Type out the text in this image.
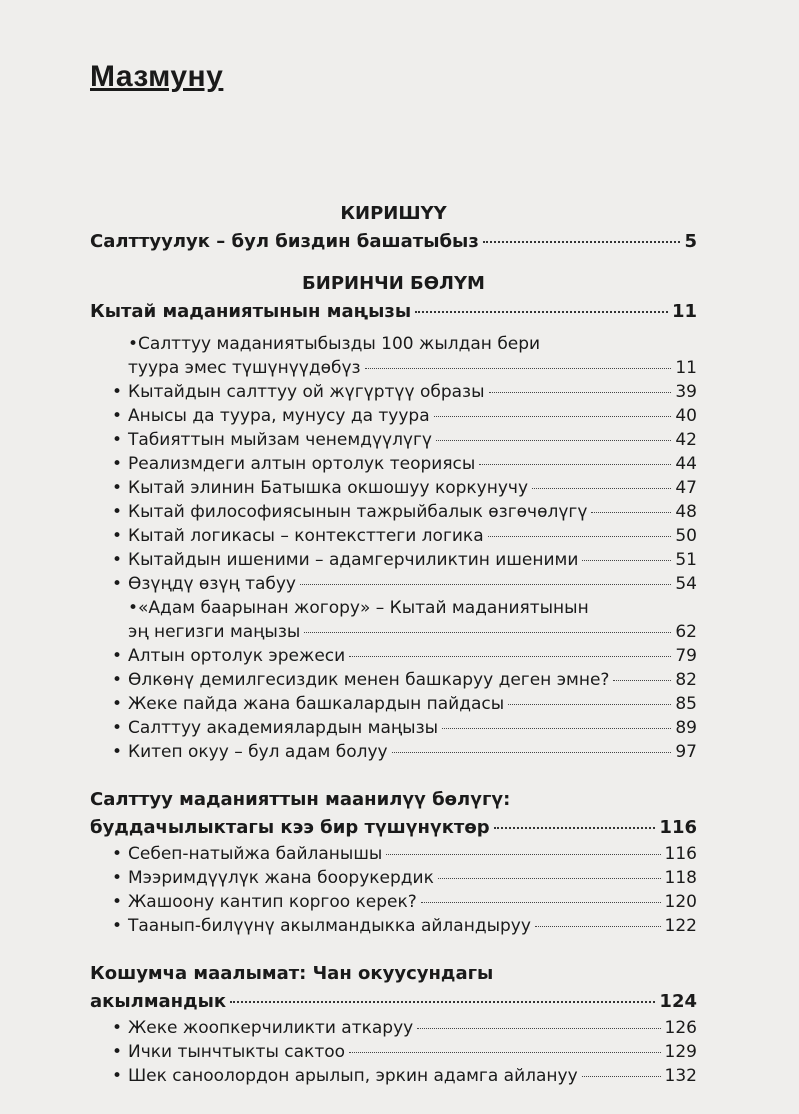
Мазмуну
КИРИШҮҮ
Салттуулук – бул биздин башатыбыз	5
БИРИНЧИ БӨЛҮМ
Кытай маданиятынын маңызы	11
•Салттуу маданиятыбызды 100 жылдан бери
туура эмес түшүнүүдөбүз	11
• Кытайдын салттуу ой жүгүртүү образы	39
• Анысы да туура, мунусу да туура	40
• Табияттын мыйзам ченемдүүлүгү	42
• Реализмдеги алтын ортолук теориясы	44
• Кытай элинин Батышка окшошуу коркунучу	47
• Кытай философиясынын тажрыйбалык өзгөчөлүгү	48
• Кытай логикасы – контексттеги логика	50
• Кытайдын ишеними – адамгерчиликтин ишеними	51
• Өзүңдү өзүң табуу	54
•«Адам баарынан жогору» – Кытай маданиятынын
эң негизги маңызы	62
• Алтын ортолук эрежеси	79
• Өлкөнү демилгесиздик менен башкаруу деген эмне?	82
• Жеке пайда жана башкалардын пайдасы	85
• Салттуу академиялардын маңызы	89
• Китеп окуу – бул адам болуу	97
Салттуу маданияттын маанилүү бөлүгү:
буддачылыктагы кээ бир түшүнүктөр	116
• Себеп-натыйжа байланышы	116
• Мээримдүүлүк жана боорукердик	118
• Жашоону кантип коргоо керек?	120
• Таанып-билүүнү акылмандыкка айландыруу	122
Кошумча маалымат: Чан окуусундагы
акылмандык	124
• Жеке жоопкерчиликти аткаруу	126
• Ички тынчтыкты сактоо	129
• Шек саноолордон арылып, эркин адамга айлануу	132
